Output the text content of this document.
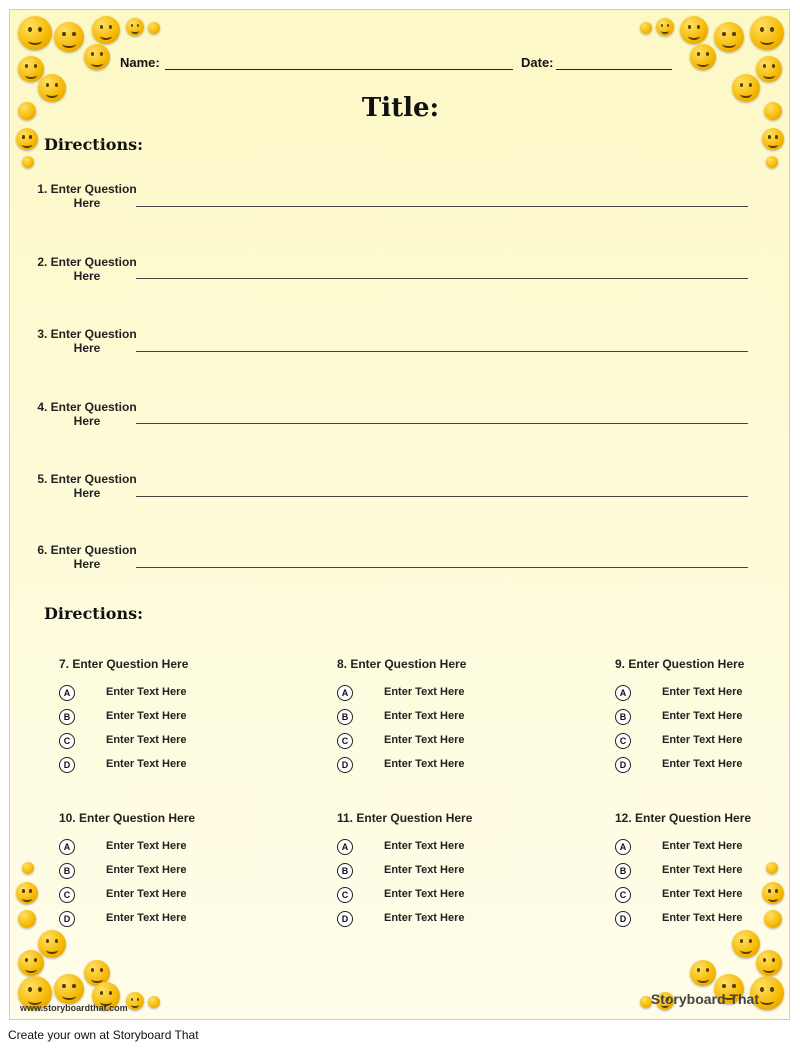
Name:	Date:
Title:
Directions:
1. Enter Question Here
2. Enter Question Here
3. Enter Question Here
4. Enter Question Here
5. Enter Question Here
6. Enter Question Here
Directions:
7. Enter Question Here
A	Enter Text Here
B	Enter Text Here
C	Enter Text Here
D	Enter Text Here
8. Enter Question Here
A	Enter Text Here
B	Enter Text Here
C	Enter Text Here
D	Enter Text Here
9. Enter Question Here
A	Enter Text Here
B	Enter Text Here
C	Enter Text Here
D	Enter Text Here
10. Enter Question Here
A	Enter Text Here
B	Enter Text Here
C	Enter Text Here
D	Enter Text Here
11. Enter Question Here
A	Enter Text Here
B	Enter Text Here
C	Enter Text Here
D	Enter Text Here
12. Enter Question Here
A	Enter Text Here
B	Enter Text Here
C	Enter Text Here
D	Enter Text Here
www.storyboardthat.com
Storyboard That
Create your own at Storyboard That
